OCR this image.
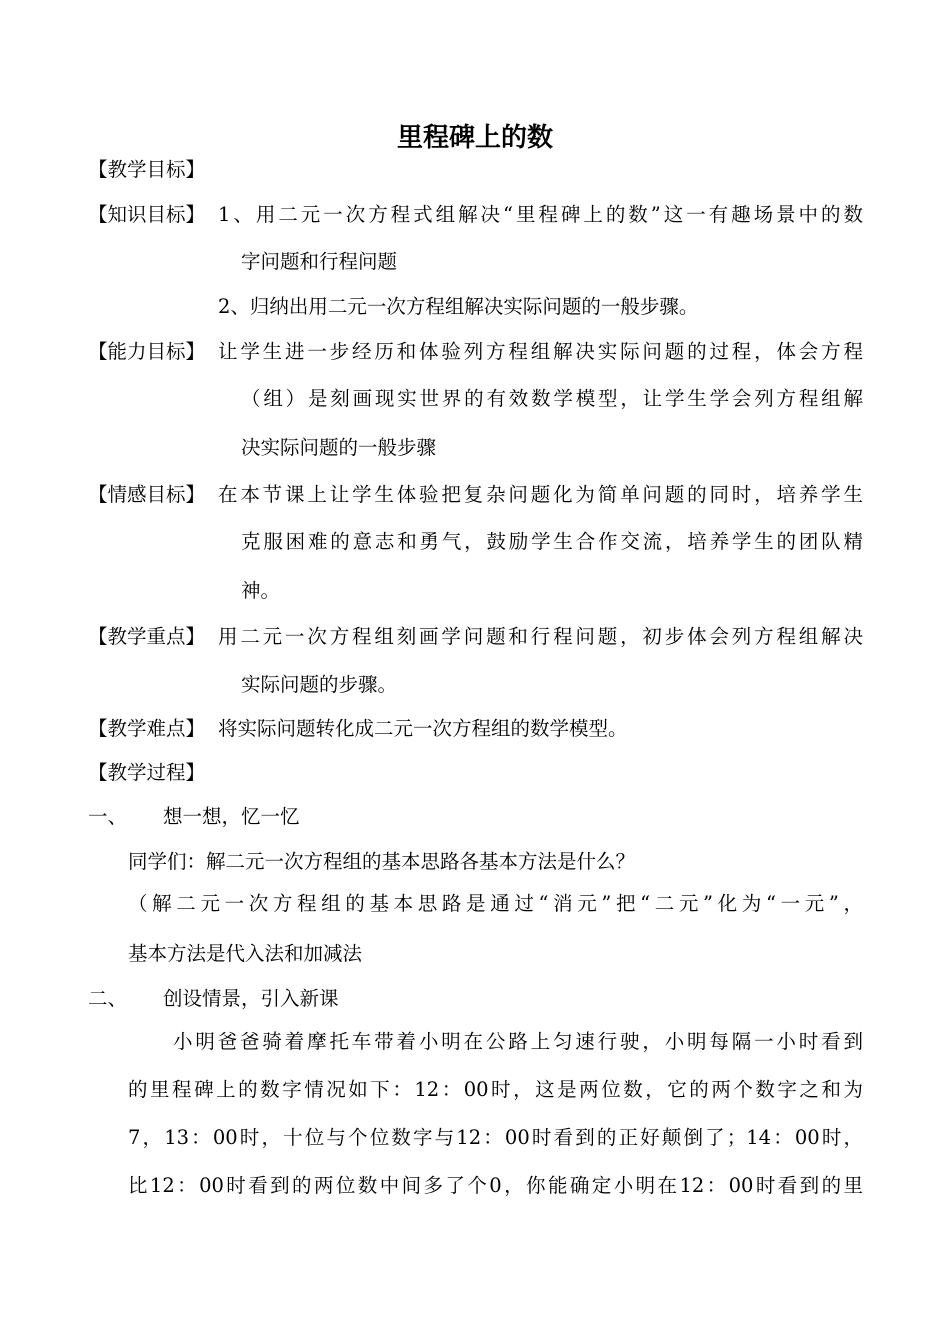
里程碑上的数
【教学目标】
【知识目标】 1、用二元一次方程式组解决“里程碑上的数”这一有趣场景中的数
字问题和行程问题
2、归纳出用二元一次方程组解决实际问题的一般步骤。
【能力目标】 让学生进一步经历和体验列方程组解决实际问题的过程，体会方程
（组）是刻画现实世界的有效数学模型，让学生学会列方程组解
决实际问题的一般步骤
【情感目标】 在本节课上让学生体验把复杂问题化为简单问题的同时，培养学生
克服困难的意志和勇气，鼓励学生合作交流，培养学生的团队精
神。
【教学重点】 用二元一次方程组刻画学问题和行程问题，初步体会列方程组解决
实际问题的步骤。
【教学难点】 将实际问题转化成二元一次方程组的数学模型。
【教学过程】
一、 想一想，忆一忆
同学们：解二元一次方程组的基本思路各基本方法是什么？
（解二元一次方程组的基本思路是通过“消元”把“二元”化为“一元”，
基本方法是代入法和加减法
二、 创设情景，引入新课
小明爸爸骑着摩托车带着小明在公路上匀速行驶，小明每隔一小时看到
的里程碑上的数字情况如下：12：00时，这是两位数，它的两个数字之和为
7，13：00时，十位与个位数字与12：00时看到的正好颠倒了；14：00时，
比12：00时看到的两位数中间多了个0，你能确定小明在12：00时看到的里
